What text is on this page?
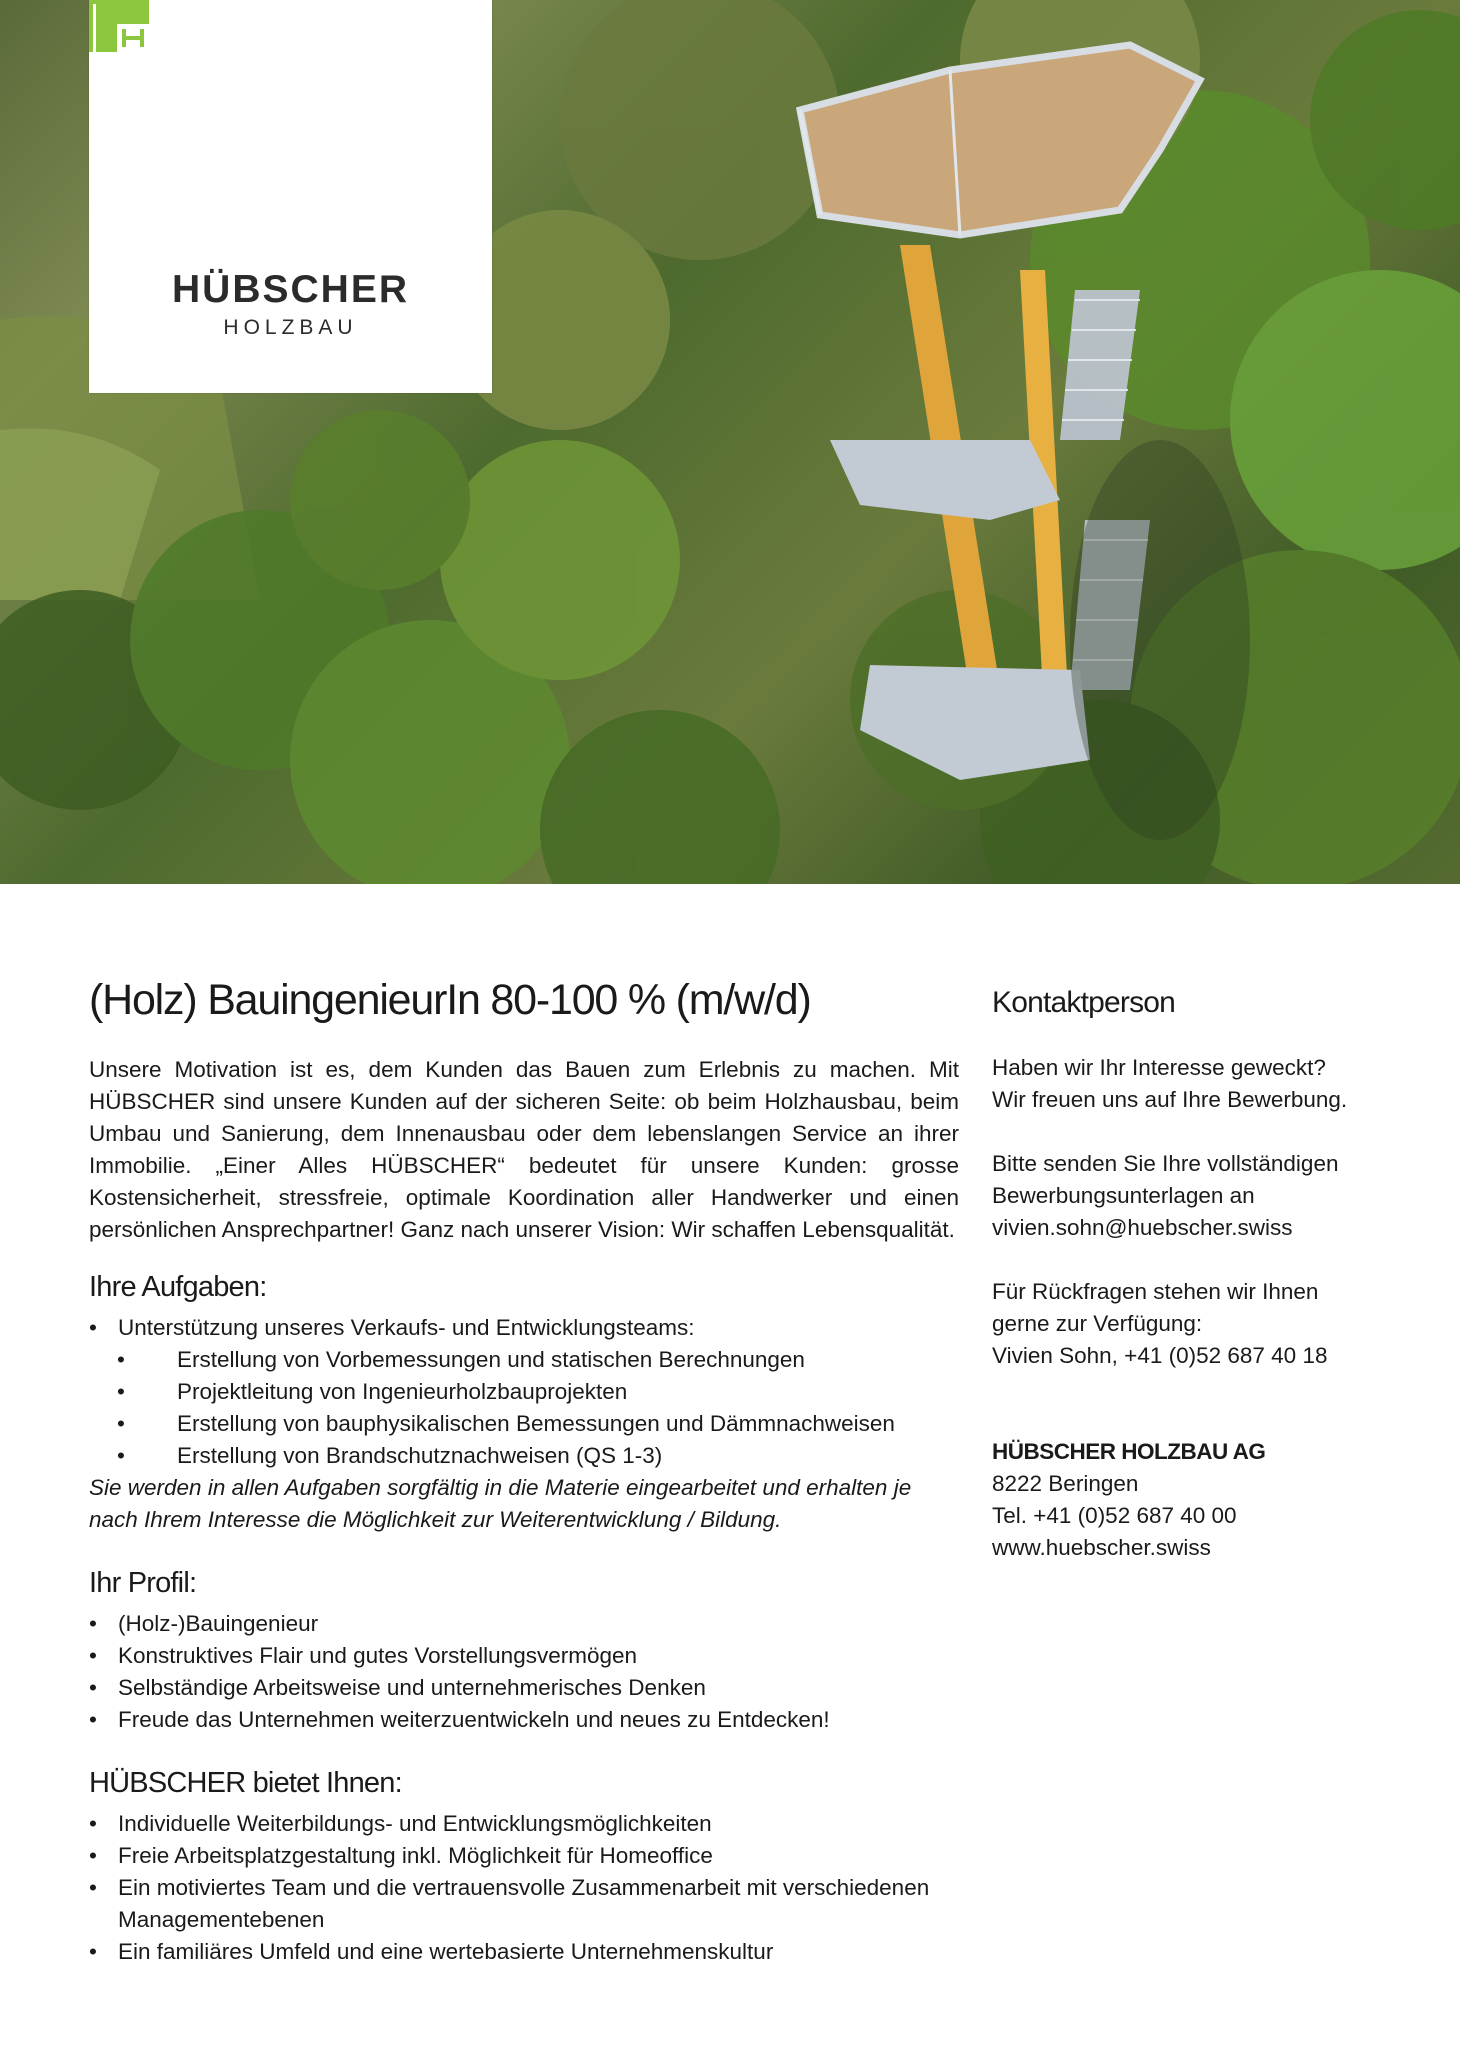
HÜBSCHER
HOLZBAU
(Holz) BauingenieurIn 80-100 % (m/w/d)

Unsere Motivation ist es, dem Kunden das Bauen zum Erlebnis zu machen. Mit HÜBSCHER sind unsere Kunden auf der sicheren Seite: ob beim Holzhausbau, beim Umbau und Sanierung, dem Innenausbau oder dem lebenslangen Service an ihrer Immobilie. „Einer Alles HÜBSCHER“ bedeutet für unsere Kunden: grosse Kostensicherheit, stressfreie, optimale Koordination aller Handwerker und einen persönlichen Ansprechpartner! Ganz nach unserer Vision: Wir schaffen Lebensqualität.

Ihre Aufgaben:
• Unterstützung unseres Verkaufs- und Entwicklungsteams:
• Erstellung von Vorbemessungen und statischen Berechnungen
• Projektleitung von Ingenieurholzbauprojekten
• Erstellung von bauphysikalischen Bemessungen und Dämmnachweisen
• Erstellung von Brandschutznachweisen (QS 1-3)

Sie werden in allen Aufgaben sorgfältig in die Materie eingearbeitet und erhalten je nach Ihrem Interesse die Möglichkeit zur Weiterentwicklung / Bildung.

Ihr Profil:
• (Holz-)Bauingenieur
• Konstruktives Flair und gutes Vorstellungsvermögen
• Selbständige Arbeitsweise und unternehmerisches Denken
• Freude das Unternehmen weiterzuentwickeln und neues zu Entdecken!
HÜBSCHER bietet Ihnen:
• Individuelle Weiterbildungs- und Entwicklungsmöglichkeiten
• Freie Arbeitsplatzgestaltung inkl. Möglichkeit für Homeoffice
• Ein motiviertes Team und die vertrauensvolle Zusammenarbeit mit verschiedenen Managementebenen
• Ein familiäres Umfeld und eine wertebasierte Unternehmenskultur
Kontaktperson

Haben wir Ihr Interesse geweckt?
Wir freuen uns auf Ihre Bewerbung.

Bitte senden Sie Ihre vollständigen
Bewerbungsunterlagen an
vivien.sohn@huebscher.swiss

Für Rückfragen stehen wir Ihnen
gerne zur Verfügung:
Vivien Sohn, +41 (0)52 687 40 18

HÜBSCHER HOLZBAU AG
8222 Beringen
Tel. +41 (0)52 687 40 00
www.huebscher.swiss
